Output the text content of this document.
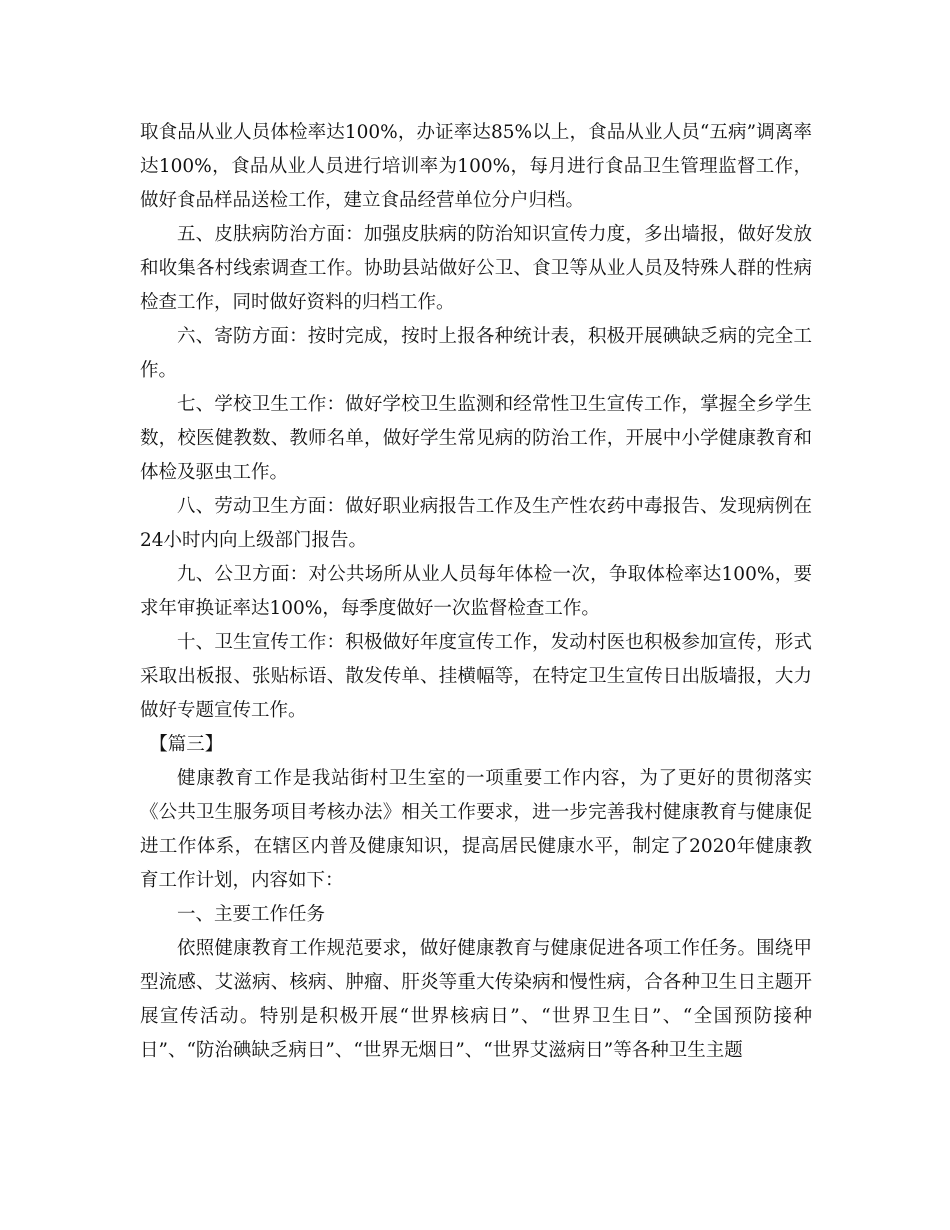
取食品从业人员体检率达100%，办证率达85%以上，食品从业人员“五病”调离率达100%，食品从业人员进行培训率为100%，每月进行食品卫生管理监督工作，做好食品样品送检工作，建立食品经营单位分户归档。

五、皮肤病防治方面：加强皮肤病的防治知识宣传力度，多出墙报，做好发放和收集各村线索调查工作。协助县站做好公卫、食卫等从业人员及特殊人群的性病检查工作，同时做好资料的归档工作。

六、寄防方面：按时完成，按时上报各种统计表，积极开展碘缺乏病的完全工作。

七、学校卫生工作：做好学校卫生监测和经常性卫生宣传工作，掌握全乡学生数，校医健教数、教师名单，做好学生常见病的防治工作，开展中小学健康教育和体检及驱虫工作。

八、劳动卫生方面：做好职业病报告工作及生产性农药中毒报告、发现病例在24小时内向上级部门报告。

九、公卫方面：对公共场所从业人员每年体检一次，争取体检率达100%，要求年审换证率达100%，每季度做好一次监督检查工作。

十、卫生宣传工作：积极做好年度宣传工作，发动村医也积极参加宣传，形式采取出板报、张贴标语、散发传单、挂横幅等，在特定卫生宣传日出版墙报，大力做好专题宣传工作。

【篇三】

健康教育工作是我站街村卫生室的一项重要工作内容，为了更好的贯彻落实《公共卫生服务项目考核办法》相关工作要求，进一步完善我村健康教育与健康促进工作体系，在辖区内普及健康知识，提高居民健康水平，制定了2020年健康教育工作计划，内容如下：

一、主要工作任务

依照健康教育工作规范要求，做好健康教育与健康促进各项工作任务。围绕甲型流感、艾滋病、核病、肿瘤、肝炎等重大传染病和慢性病，合各种卫生日主题开展宣传活动。特别是积极开展“世界核病日”、“世界卫生日”、“全国预防接种日”、“防治碘缺乏病日”、“世界无烟日”、“世界艾滋病日”等各种卫生主题
